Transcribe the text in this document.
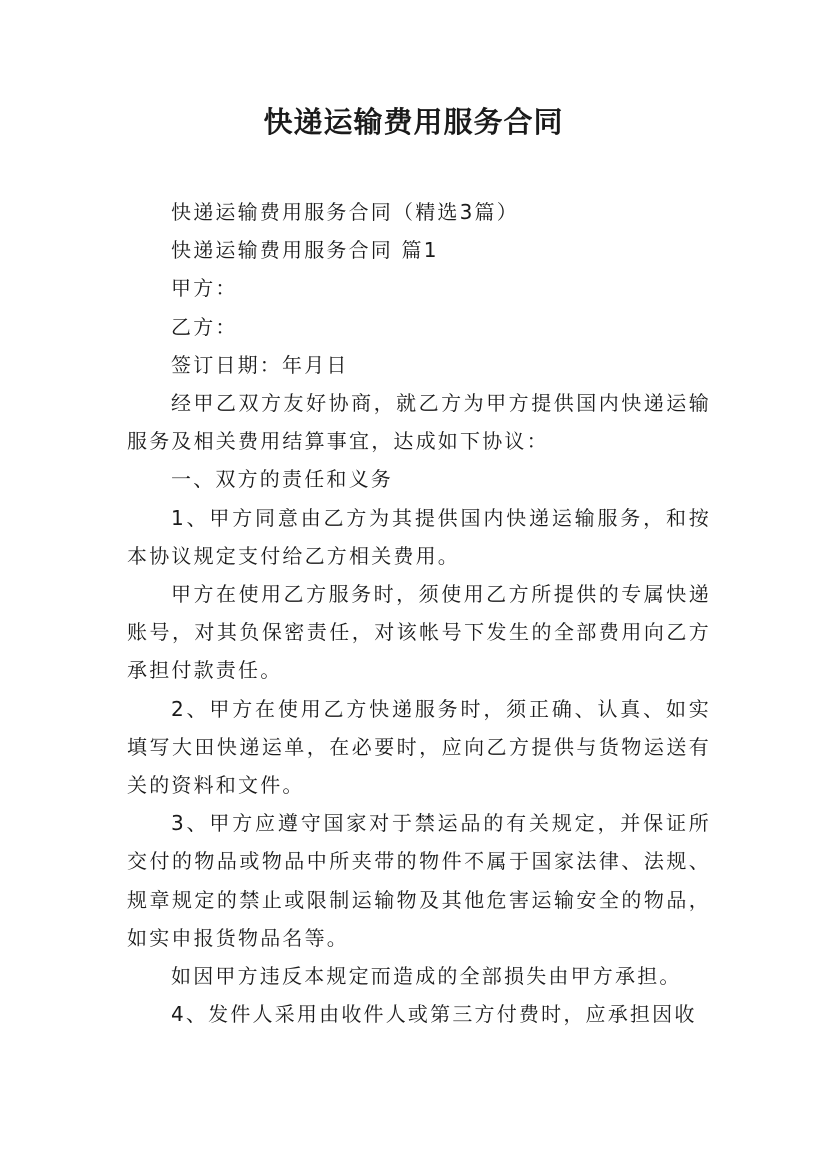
快递运输费用服务合同

快递运输费用服务合同（精选3篇）

快递运输费用服务合同 篇1

甲方：

乙方：

签订日期：年月日

经甲乙双方友好协商，就乙方为甲方提供国内快递运输服务及相关费用结算事宜，达成如下协议：

一、双方的责任和义务

1、甲方同意由乙方为其提供国内快递运输服务，和按本协议规定支付给乙方相关费用。

甲方在使用乙方服务时，须使用乙方所提供的专属快递账号，对其负保密责任，对该帐号下发生的全部费用向乙方承担付款责任。

2、甲方在使用乙方快递服务时，须正确、认真、如实填写大田快递运单，在必要时，应向乙方提供与货物运送有关的资料和文件。

3、甲方应遵守国家对于禁运品的有关规定，并保证所交付的物品或物品中所夹带的物件不属于国家法律、法规、规章规定的禁止或限制运输物及其他危害运输安全的物品，如实申报货物品名等。

如因甲方违反本规定而造成的全部损失由甲方承担。

4、发件人采用由收件人或第三方付费时，应承担因收
